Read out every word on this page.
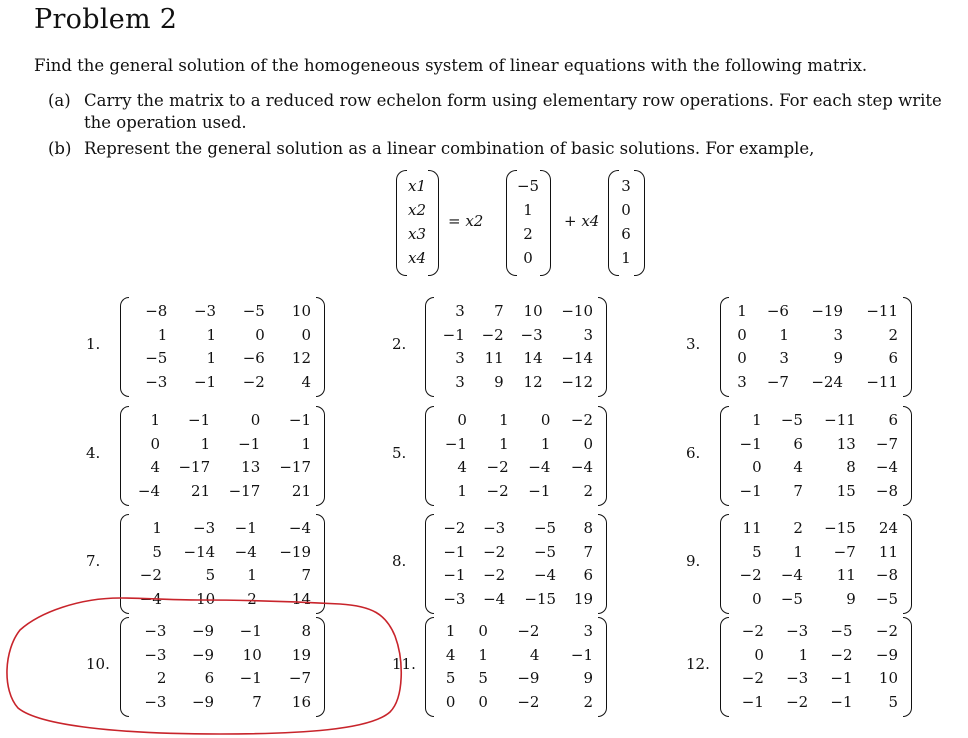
Problem 2
Find the general solution of the homogeneous system of linear equations with the following matrix.
(a) Carry the matrix to a reduced row echelon form using elementary row operations. For each step write the operation used.
(b) Represent the general solution as a linear combination of basic solutions. For example,
x1
x2
x3
x4
= x2
−5
1
2
0
+ x4
3
0
6
1
1.
−8	−3	−5	10
1	1	0	0
−5	1	−6	12
−3	−1	−2	4
2.
3	7	10	−10
−1	−2	−3	3
3	11	14	−14
3	9	12	−12
3.
1	−6	−19	−11
0	1	3	2
0	3	9	6
3	−7	−24	−11
4.
1	−1	0	−1
0	1	−1	1
4	−17	13	−17
−4	21	−17	21
5.
0	1	0	−2
−1	1	1	0
4	−2	−4	−4
1	−2	−1	2
6.
1	−5	−11	6
−1	6	13	−7
0	4	8	−4
−1	7	15	−8
7.
1	−3	−1	−4
5	−14	−4	−19
−2	5	1	7
−4	10	2	14
8.
−2	−3	−5	8
−1	−2	−5	7
−1	−2	−4	6
−3	−4	−15	19
9.
11	2	−15	24
5	1	−7	11
−2	−4	11	−8
0	−5	9	−5
10.
−3	−9	−1	8
−3	−9	10	19
2	6	−1	−7
−3	−9	7	16
11.
1	0	−2	3
4	1	4	−1
5	5	−9	9
0	0	−2	2
12.
−2	−3	−5	−2
0	1	−2	−9
−2	−3	−1	10
−1	−2	−1	5
